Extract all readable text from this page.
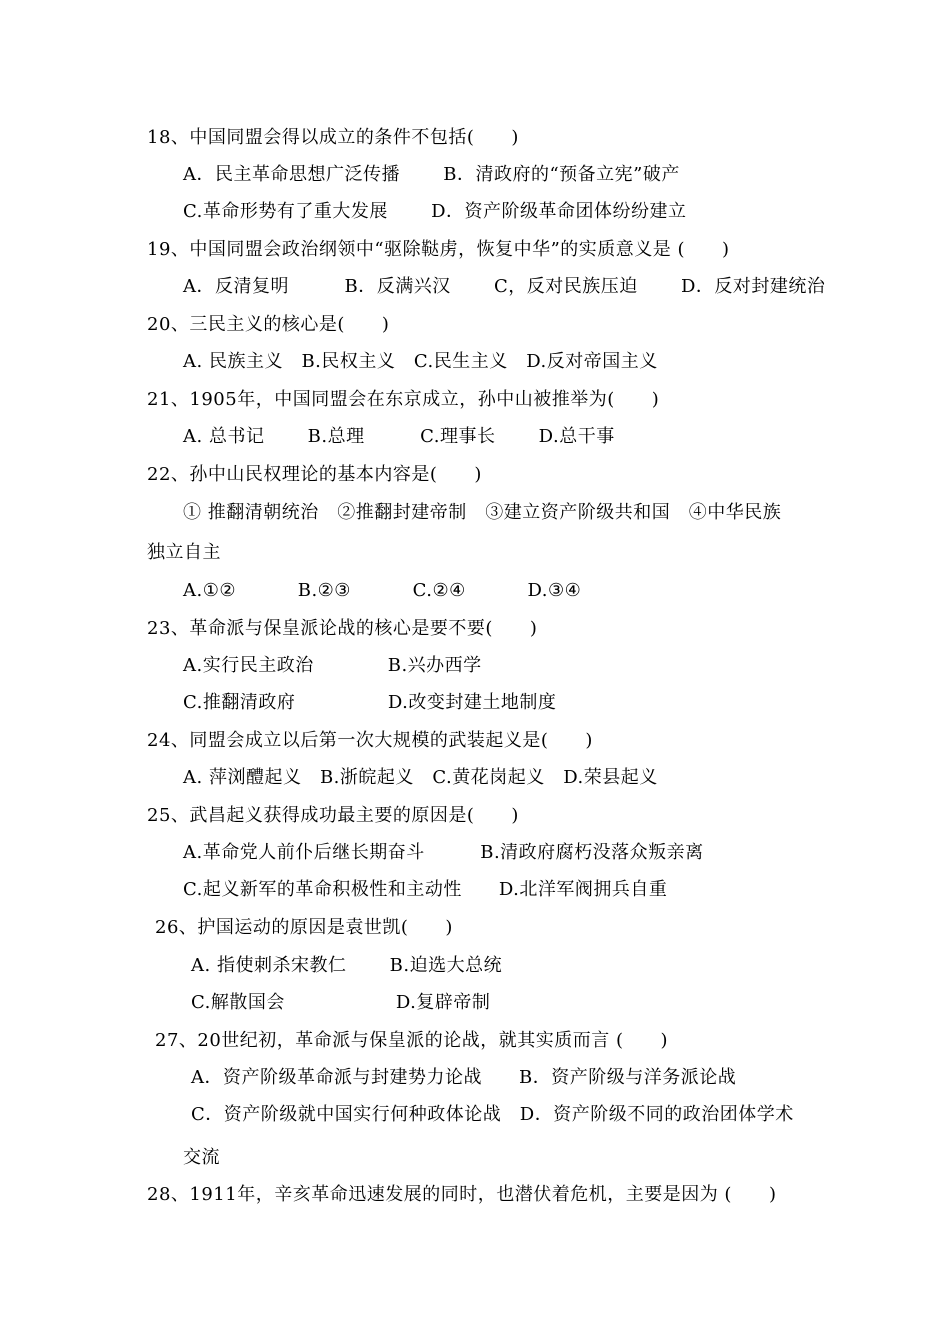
18、中国同盟会得以成立的条件不包括(　　)
A．民主革命思想广泛传播　　 B．清政府的“预备立宪”破产
C.革命形势有了重大发展　　 D．资产阶级革命团体纷纷建立
19、中国同盟会政治纲领中“驱除鞑虏，恢复中华”的实质意义是 (　　)
A．反清复明　　　B．反满兴汉　　 C，反对民族压迫　　 D．反对封建统治
20、三民主义的核心是(　　)
A. 民族主义　B.民权主义　C.民生主义　D.反对帝国主义
21、1905年，中国同盟会在东京成立，孙中山被推举为(　　)
A. 总书记　　 B.总理　　　C.理事长　　 D.总干事
22、孙中山民权理论的基本内容是(　　)
① 推翻清朝统治　②推翻封建帝制　③建立资产阶级共和国　④中华民族
独立自主
A.①②　　　 B.②③　　　 C.②④　　　 D.③④
23、革命派与保皇派论战的核心是要不要(　　)
A.实行民主政治　　　　B.兴办西学
C.推翻清政府　　　　　D.改变封建土地制度
24、同盟会成立以后第一次大规模的武装起义是(　　)
A. 萍浏醴起义　B.浙皖起义　C.黄花岗起义　D.荣县起义
25、武昌起义获得成功最主要的原因是(　　)
A.革命党人前仆后继长期奋斗　　　B.清政府腐朽没落众叛亲离
C.起义新军的革命积极性和主动性　　D.北洋军阀拥兵自重
26、护国运动的原因是袁世凯(　　)
A. 指使刺杀宋教仁　　 B.迫选大总统
C.解散国会　　　　　　D.复辟帝制
27、20世纪初，革命派与保皇派的论战，就其实质而言 (　　)
A．资产阶级革命派与封建势力论战　　B．资产阶级与洋务派论战
C．资产阶级就中国实行何种政体论战　D．资产阶级不同的政治团体学术
交流
28、1911年，辛亥革命迅速发展的同时，也潜伏着危机，主要是因为 (　　)
